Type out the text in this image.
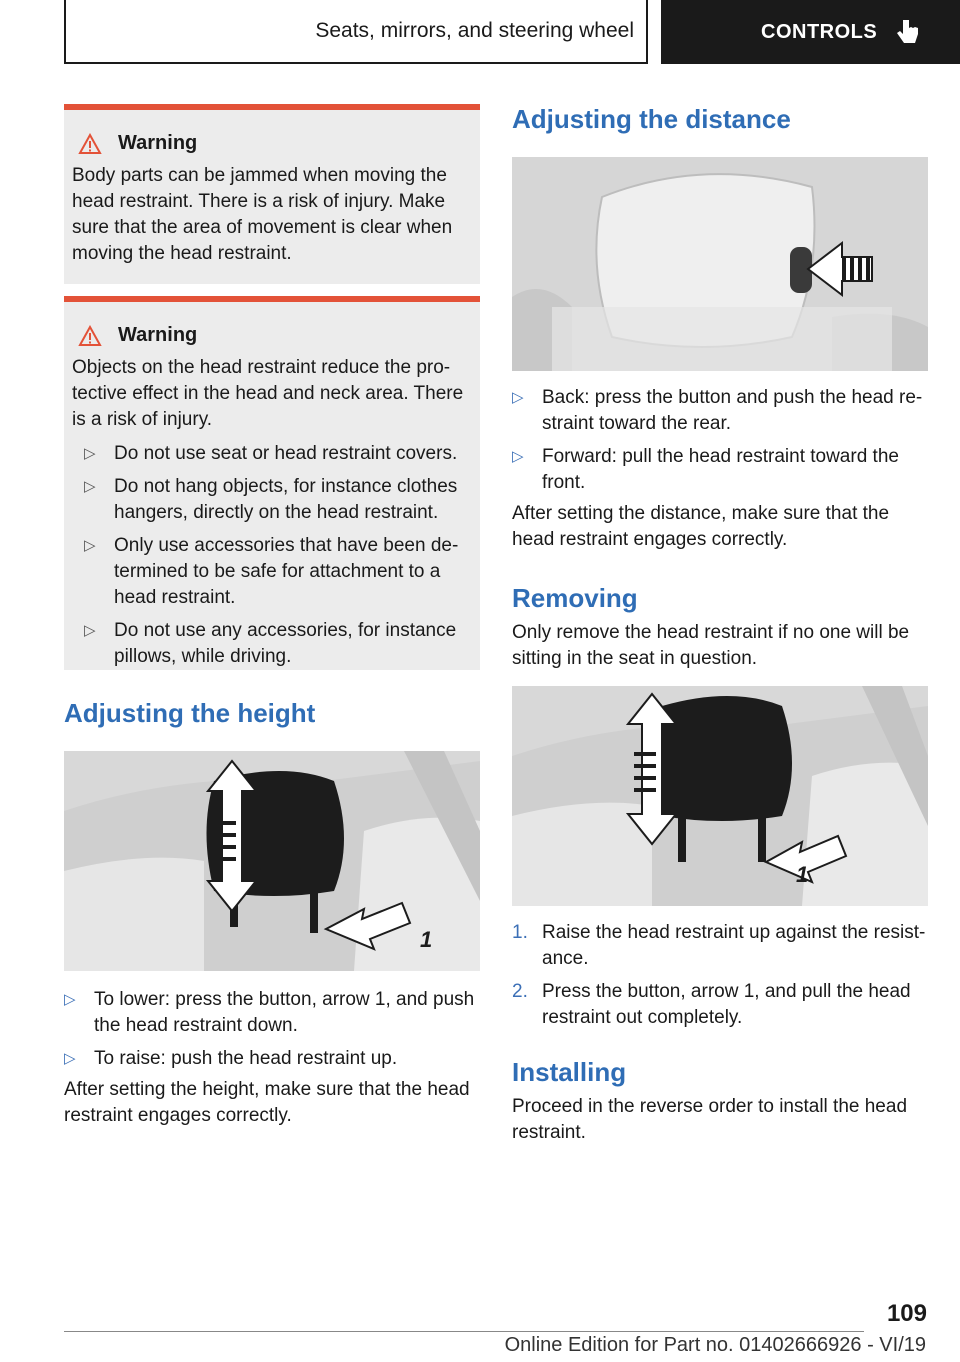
Seats, mirrors, and steering wheel	CONTROLS
Warning

Body parts can be jammed when moving the head restraint. There is a risk of injury. Make sure that the area of movement is clear when moving the head restraint.

Warning

Objects on the head restraint reduce the pro-tective effect in the head and neck area. There is a risk of injury.

▷ Do not use seat or head restraint covers.
▷ Do not hang objects, for instance clothes hangers, directly on the head restraint.
▷ Only use accessories that have been de-termined to be safe for attachment to a head restraint.
▷ Do not use any accessories, for instance pillows, while driving.
Adjusting the height
1
▷ To lower: press the button, arrow 1, and push the head restraint down.
▷ To raise: push the head restraint up.

After setting the height, make sure that the head restraint engages correctly.

Adjusting the distance
▷ Back: press the button and push the head re-straint toward the rear.
▷ Forward: pull the head restraint toward the front.

After setting the distance, make sure that the head restraint engages correctly.

Removing

Only remove the head restraint if no one will be sitting in the seat in question.

1
1. Raise the head restraint up against the resist-ance.
2. Press the button, arrow 1, and pull the head restraint out completely.
Installing

Proceed in the reverse order to install the head restraint.

109
Online Edition for Part no. 01402666926 - VI/19
